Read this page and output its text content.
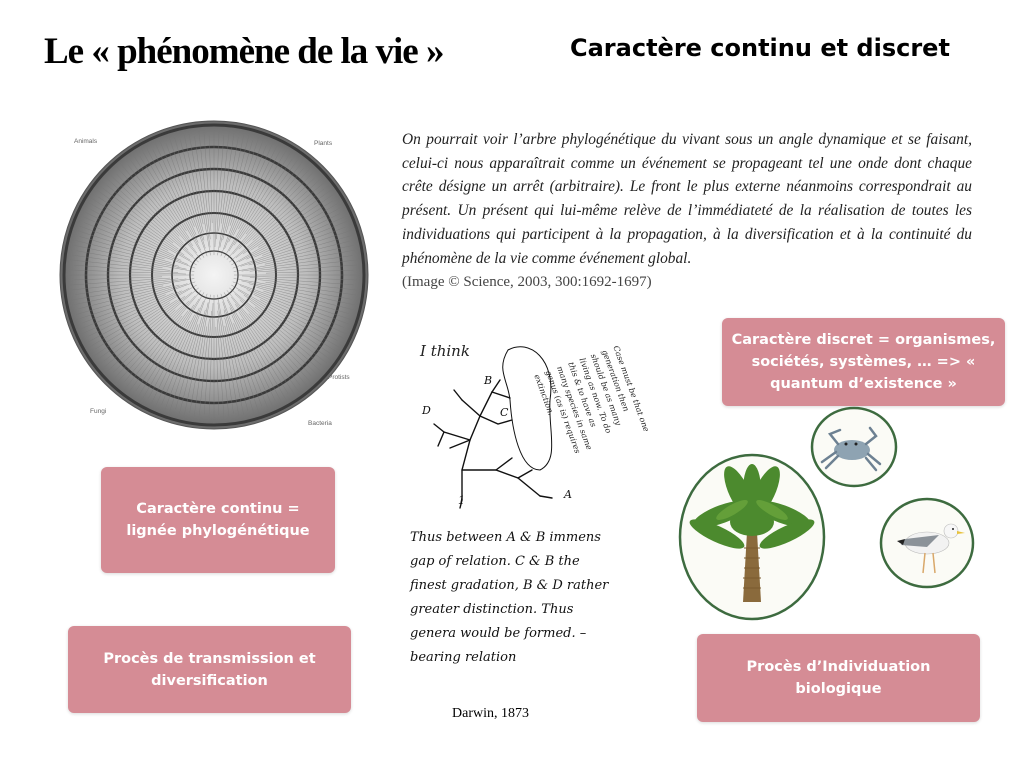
Le « phénomène de la vie »	Caractère continu et discret
Animals	Plants
Protists
Fungi
Bacteria
On pourrait voir l’arbre phylogénétique du vivant sous un angle dynamique et se faisant, celui-ci nous apparaîtrait comme un événement se propageant tel une onde dont chaque crête désigne un arrêt (arbitraire). Le front le plus externe néanmoins correspondrait au présent. Un présent qui lui-même relève de l’immédiateté de la réalisation de toutes les individuations qui participent à la propagation, à la diversification et à la continuité du phénomène de la vie comme événement global.
(Image © Science, 2003, 300:1692-1697)
I think
A
B
C
D
1
Case must be that one generation then should be as many living as now. To do this & to have as many species in same genus (as is) requires extinction.
Thus between A & B immens gap of relation. C & B the finest gradation, B & D rather greater distinction. Thus genera would be formed. – bearing relation
Darwin, 1873
Caractère continu = lignée phylogénétique
Procès de transmission et diversification
Caractère discret = organismes, sociétés, systèmes, … => « quantum d’existence »
Procès d’Individuation biologique
